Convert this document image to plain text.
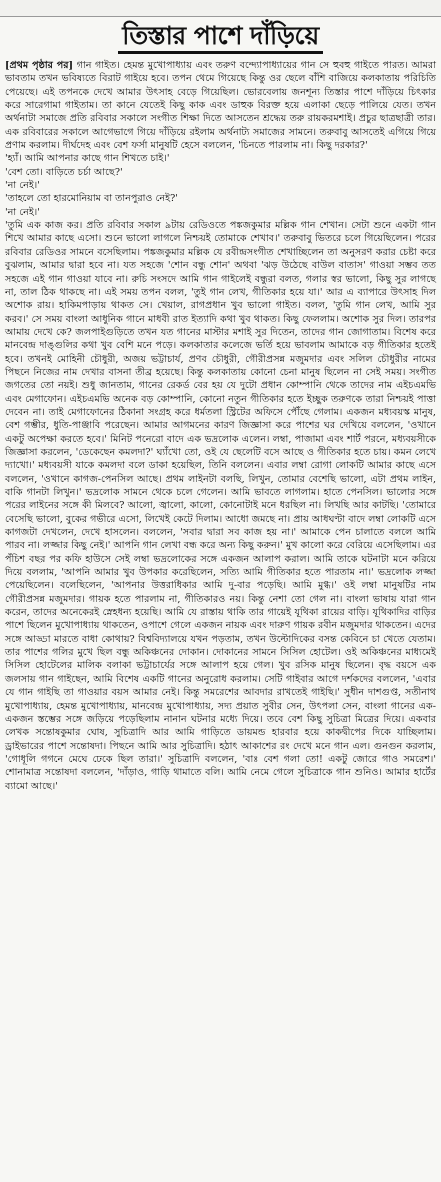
তিস্তার পাশে দাঁড়িয়ে

[প্রথম পৃষ্ঠার পর] গান গাইত। হেমন্ত মুখোপাধ্যায় এবং তরুণ বন্দ্যোপাধ্যায়ের গান সে হুবহু গাইতে পারত। আমরা ভাবতাম তখন ভবিষ্যতে বিরাট গাইয়ে হবে। তপন থেমে গিয়েছে কিন্তু ওর ছেলে বাঁশি বাজিয়ে কলকাতায় পরিচিতি পেয়েছে। এই তপনকে দেখে আমার উৎসাহ বেড়ে গিয়েছিল। ভোরবেলায় জনশূন্য তিস্তার পাশে দাঁড়িয়ে চিৎকার করে সারেগামা গাইতাম। তা কানে যেতেই কিছু কাক এবং ডাহুক বিরক্ত হয়ে এলাকা ছেড়ে পালিয়ে যেত। তখন অর্থনাটা সমাজে প্রতি রবিবার সকালে সংগীত শিক্ষা দিতে আসতেন শ্রদ্ধেয় তরু রায়করমশাই। প্রচুর ছাত্রছাত্রী তার। এক রবিবারের সকালে আগেভাগে গিয়ে দাঁড়িয়ে রইলাম অর্থনাট্য সমাজের সামনে। তরুবাবু আসতেই এগিয়ে গিয়ে প্রণাম করলাম। দীর্ঘদেহ এবং বেশ ফর্সা মানুষটি হেসে বললেন, 'চিনতে পারলাম না। কিছু দরকার?'

'হ্যাঁ। আমি আপনার কাছে গান শিখতে চাই।'
'বেশ তো। বাড়িতে চর্চা আছে?'
'না নেই।'
'তাহলে তো হারমোনিয়াম বা তানপুরাও নেই?'
'না নেই।'

'তুমি এক কাজ কর। প্রতি রবিবার সকাল ৯টায় রেডিওতে পঙ্কজকুমার মল্লিক গান শেখান। সেটা শুনে একটা গান শিখে আমার কাছে এসো। শুনে ভালো লাগলে নিশ্চয়ই তোমাকে শেখাব।' তরুবাবু ভিতরে চলে গিয়েছিলেন। পরের রবিবার রেডিওর সামনে বসেছিলাম। পঙ্কজকুমার মল্লিক যে রবীন্দ্রসংগীত শেখাচ্ছিলেন তা অনুসরণ করার চেষ্টা করে বুঝলাম, আমার দ্বারা হবে না। যত সহজে 'শোন বন্ধু শোন' অথবা 'ঝড় উঠেছে বাউল বাতাস' গাওয়া সম্ভব তত সহজে এই গান গাওয়া যাবে না। রুচি সংসদে আমি গান গাইলেই বন্ধুরা বলত, গলার স্বর ভালো, কিছু সুর লাগছে না, তাল ঠিক থাকছে না। এই সময় তপন বলল, 'তুই গান লেখ, গীতিকার হয়ে যা।' আর এ ব্যাপারে উৎসাহ দিল অশোক রায়। হাকিমপাড়ায় থাকত সে। খেয়াল, রাগপ্রধান খুব ভালো গাইত। বলল, 'তুমি গান লেখ, আমি সুর করব।' সে সময় বাংলা আধুনিক গানে মাধবী রাত ইত্যাদি কথা খুব থাকত। কিছু ফেললাম। অশোক সুর দিল। তারপর আমায় দেখে কে? জলপাইগুড়িতে তখন যত গানের মাস্টার মশাই সুর দিতেন, তাদের গান জোগাতাম। বিশেষ করে মানবেন্দ্র দাঙ্গুলির কথা খুব বেশি মনে পড়ে। কলকাতার কলেজে ভর্তি হয়ে ভাবলাম আমাকে বড় গীতিকার হতেই হবে। তখনই মোহিনী চৌধুরী, অজয় ভট্টাচার্য, প্রণব চৌধুরী, গৌরীপ্রসন্ন মজুমদার এবং সলিল চৌধুরীর নামের পিছনে নিজের নাম দেখার বাসনা তীব্র হয়েছে। কিন্তু কলকাতায় কোনো চেনা মানুষ ছিলেন না সেই সময়। সংগীত জগতের তো নয়ই। শুধু জানতাম, গানের রেকর্ড বের হয় যে দুটো প্রধান কোম্পানি থেকে তাদের নাম এইচএমভি এবং মেগাফোন। এইচএমভি অনেক বড় কোম্পানি, কোনো নতুন গীতিকার হতে ইচ্ছুক তরুণকে তারা নিশ্চয়ই পাত্তা দেবেন না। তাই মেগাফোনের ঠিকানা সংগ্রহ করে ধর্মতলা স্ট্রিটের অফিসে পৌঁছে গেলাম। একজন মধ্যবয়স্ক মানুষ, বেশ গম্ভীর, ধুতি-পাঞ্জাবি পরেছেন। আমার আগমনের কারণ জিজ্ঞাসা করে পাশের ঘর দেখিয়ে বললেন, 'ওখানে একটু অপেক্ষা করতে হবে।' মিনিট পনেরো বাদে এক ভদ্রলোক এলেন। লম্বা, পাজামা এবং শার্ট পরনে, মধ্যবয়সীকে জিজ্ঞাসা করলেন, 'ডেকেছেন কমলদা?' ঘ্যাঁখো তো, ওই যে ছেলেটি বসে আছে ও গীতিকার হতে চায়। কমন লেখে দ্যাখো।' মধ্যবয়সী যাকে কমলদা বলে ডাকা হয়েছিল, তিনি বললেন। এবার লম্বা রোগা লোকটি আমার কাছে এসে বললেন, 'ওখানে কাগজ-পেনসিল আছে। প্রথম লাইনটা বলছি, লিখুন, তোমার বেশেছি ভালো, এটা প্রথম লাইন, বাকি গানটা লিখুন।' ভদ্রলোক সামনে থেকে চলে গেলেন। আমি ভাবতে লাগলাম। হাতে পেনসিল। ভালোর সঙ্গে পরের লাইনের সঙ্গে কী মিলবে? আলো, জ্বালো, কালো, কোনোটাই মনে ধরছিল না। লিখছি আর কাটছি। 'তোমারে বেসেছি ভালো, বুকের গভীরে এসো, লিখেই কেটে দিলাম। আধো জমছে না। প্রায় আধঘণ্টা বাদে লম্বা লোকটি এসে কাগজটা দেখলেন, দেখে হাসলেন। বললেন, 'সবার দ্বারা সব কাজ হয় না।' আমাকে পেন চালাতে বললে আমি পারব না। লজ্জার কিছু নেই।' আপনি গান লেখা বন্ধ করে অন্য কিছু করুন।' মুখ কালো করে বেরিয়ে এসেছিলাম। এর পঁচিশ বছর পর কফি হাউসে সেই লম্বা ভদ্রলোকের সঙ্গে একজন আলাপ করাল। আমি তাকে ঘটনাটা মনে করিয়ে দিয়ে বললাম, 'আপনি আমার খুব উপকার করেছিলেন, সত্যি আমি গীতিকার হতে পারতাম না।' ভদ্রলোক লজ্জা পেয়েছিলেন। বলেছিলেন, 'আপনার উত্তরাধিকার আমি দু-বার পড়েছি। আমি মুগ্ধ।' ওই লম্বা মানুষটির নাম গৌরীপ্রসন্ন মজুমদার। গায়ক হতে পারলাম না, গীতিকারও নয়। কিন্তু নেশা তো গেল না। বাংলা ভাষায় যারা গান করেন, তাদের অনেকেরই স্নেহধন্য হয়েছি। আমি যে রাস্তায় থাকি তার গায়েই যূথিকা রায়ের বাড়ি। যূথিকাদির বাড়ির পাশে ছিলেন মুখোপাধ্যায় থাকতেন, ওপাশে গেলে একজন নায়ক এবং দারুণ গায়ক রবীন মজুমদার থাকতেন। এদের সঙ্গে আড্ডা মারতে বাধা কোথায়? বিশ্ববিদ্যালয়ে যখন পড়তাম, তখন উল্টোদিকের বসন্ত কেবিনে চা খেতে যেতাম। তার পাশের গলির মুখে ছিল বন্ধু অকিঞ্চনের দোকান। দোকানের সামনে সিসিল হোটেল। ওই অকিঞ্চনের মাধ্যমেই সিসিল হোটেলের মালিক বলাকা ভট্টাচার্যের সঙ্গে আলাপ হয়ে গেল। খুব রসিক মানুষ ছিলেন। বৃদ্ধ বয়সে এক জলসায় গান গাইছেন, আমি বিশেষ একটি গানের অনুরোধ করলাম। সেটি গাইবার আগে দর্শকদের বললেন, 'এবার যে গান গাইছি তা গাওয়ার বয়স আমার নেই। কিন্তু সমরেশের আবদার রাখতেই গাইছি।' সুধীন দাশগুপ্ত, সতীনাথ মুখোপাধ্যায়, হেমন্ত মুখোপাধ্যায়, মানবেন্দ্র মুখোপাধ্যায়, সদ্য প্রয়াত সুবীর সেন, উৎপলা সেন, বাংলা গানের এক-একজন স্তম্ভের সঙ্গে জড়িয়ে পড়েছিলাম নানান ঘটনার মধ্যে দিয়ে। তবে বেশ কিছু সুচিত্রা মিত্রের দিয়ে। একবার লেখক সন্তোষকুমার ঘোষ, সুচিত্রাদি আর আমি গাড়িতে ডায়মন্ড হারবার হয়ে কাকদ্বীপের দিকে যাচ্ছিলাম। ড্রাইভারের পাশে সন্তোষদা। পিছনে আমি আর সুচিত্রাদি। হঠাৎ আকাশের রং দেখে মনে গান এল। গুনগুন করলাম, 'গোধূলি গগনে মেঘে ঢেকে ছিল তারা।' সুচিত্রাদি বললেন, 'বাঃ বেশ গলা তো! একটু জোরে গাও সমরেশ।' শোনামাত্র সন্তোষদা বললেন, 'দাঁড়াও, গাড়ি থামাতে বলি। আমি নেমে গেলে সুচিত্রাকে গান শুনিও। আমার হার্টের ব্যামো আছে।'
